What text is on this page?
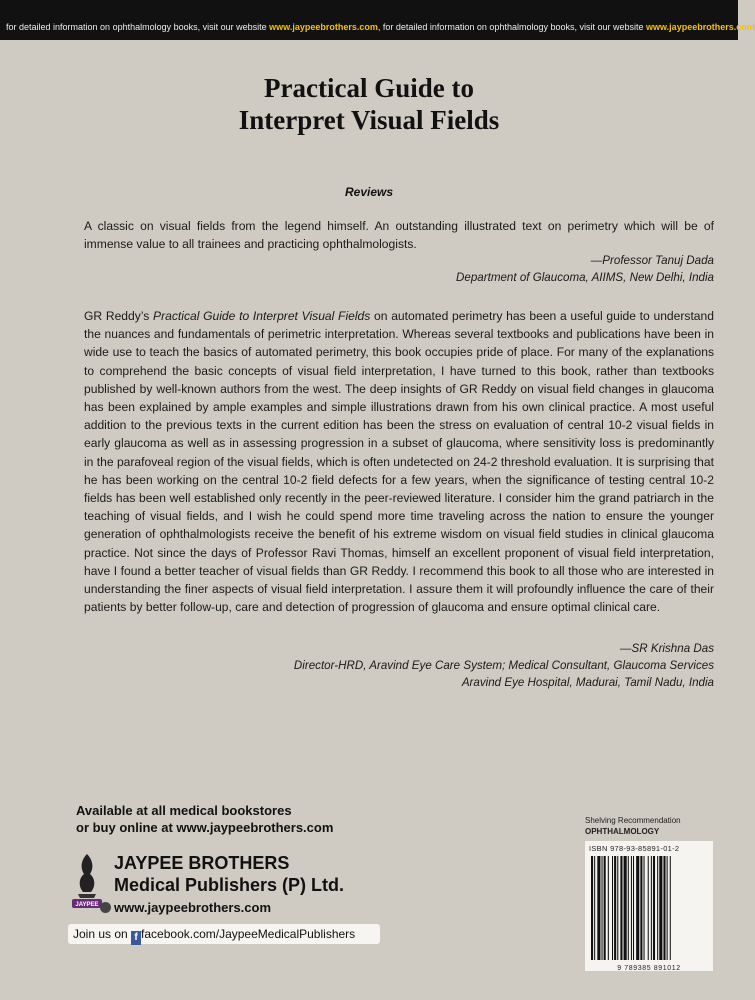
for detailed information on ophthalmology books, visit our website www.jaypeebrothers.com, for detailed information on ophthalmology books, visit our website www.jaypeebrothers.com
Practical Guide to
Interpret Visual Fields
Reviews
A classic on visual fields from the legend himself. An outstanding illustrated text on perimetry which will be of immense value to all trainees and practicing ophthalmologists.
—Professor Tanuj Dada
Department of Glaucoma, AIIMS, New Delhi, India
GR Reddy’s Practical Guide to Interpret Visual Fields on automated perimetry has been a useful guide to understand the nuances and fundamentals of perimetric interpretation. Whereas several textbooks and publications have been in wide use to teach the basics of automated perimetry, this book occupies pride of place. For many of the explanations to comprehend the basic concepts of visual field interpretation, I have turned to this book, rather than textbooks published by well-known authors from the west. The deep insights of GR Reddy on visual field changes in glaucoma has been explained by ample examples and simple illustrations drawn from his own clinical practice. A most useful addition to the previous texts in the current edition has been the stress on evaluation of central 10-2 visual fields in early glaucoma as well as in assessing progression in a subset of glaucoma, where sensitivity loss is predominantly in the parafoveal region of the visual fields, which is often undetected on 24-2 threshold evaluation. It is surprising that he has been working on the central 10-2 field defects for a few years, when the significance of testing central 10-2 fields has been well established only recently in the peer-reviewed literature. I consider him the grand patriarch in the teaching of visual fields, and I wish he could spend more time traveling across the nation to ensure the younger generation of ophthalmologists receive the benefit of his extreme wisdom on visual field studies in clinical glaucoma practice. Not since the days of Professor Ravi Thomas, himself an excellent proponent of visual field interpretation, have I found a better teacher of visual fields than GR Reddy. I recommend this book to all those who are interested in understanding the finer aspects of visual field interpretation. I assure them it will profoundly influence the care of their patients by better follow-up, care and detection of progression of glaucoma and ensure optimal clinical care.
—SR Krishna Das
Director-HRD, Aravind Eye Care System; Medical Consultant, Glaucoma Services
Aravind Eye Hospital, Madurai, Tamil Nadu, India
Available at all medical bookstores
or buy online at www.jaypeebrothers.com
JAYPEE
JAYPEE BROTHERS
Medical Publishers (P) Ltd.
www.jaypeebrothers.com
Join us on f facebook.com/JaypeeMedicalPublishers
Shelving Recommendation
OPHTHALMOLOGY
ISBN 978-93-85891-01-2
9 789385 891012
